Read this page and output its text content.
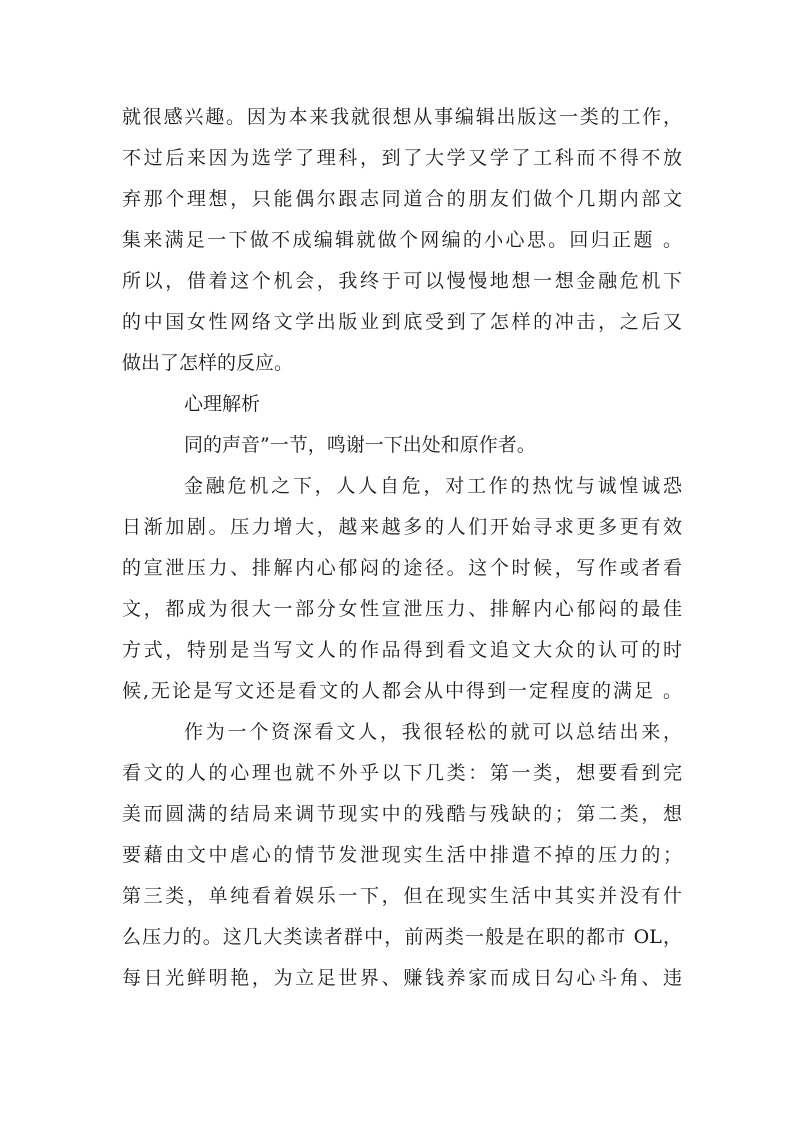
就很感兴趣。因为本来我就很想从事编辑出版这一类的工作，
不过后来因为选学了理科，到了大学又学了工科而不得不放
弃那个理想，只能偶尔跟志同道合的朋友们做个几期内部文
集来满足一下做不成编辑就做个网编的小心思。回归正题 。
所以，借着这个机会，我终于可以慢慢地想一想金融危机下
的中国女性网络文学出版业到底受到了怎样的冲击，之后又
做出了怎样的反应。
心理解析
同的声音”一节，鸣谢一下出处和原作者。
金融危机之下，人人自危，对工作的热忱与诚惶诚恐
日渐加剧。压力增大，越来越多的人们开始寻求更多更有效
的宣泄压力、排解内心郁闷的途径。这个时候，写作或者看
文，都成为很大一部分女性宣泄压力、排解内心郁闷的最佳
方式，特别是当写文人的作品得到看文追文大众的认可的时
候,无论是写文还是看文的人都会从中得到一定程度的满足 。
作为一个资深看文人，我很轻松的就可以总结出来，
看文的人的心理也就不外乎以下几类：第一类，想要看到完
美而圆满的结局来调节现实中的残酷与残缺的；第二类，想
要藉由文中虐心的情节发泄现实生活中排遣不掉的压力的；
第三类，单纯看着娱乐一下，但在现实生活中其实并没有什
么压力的。这几大类读者群中，前两类一般是在职的都市 OL，
每日光鲜明艳，为立足世界、赚钱养家而成日勾心斗角、违
